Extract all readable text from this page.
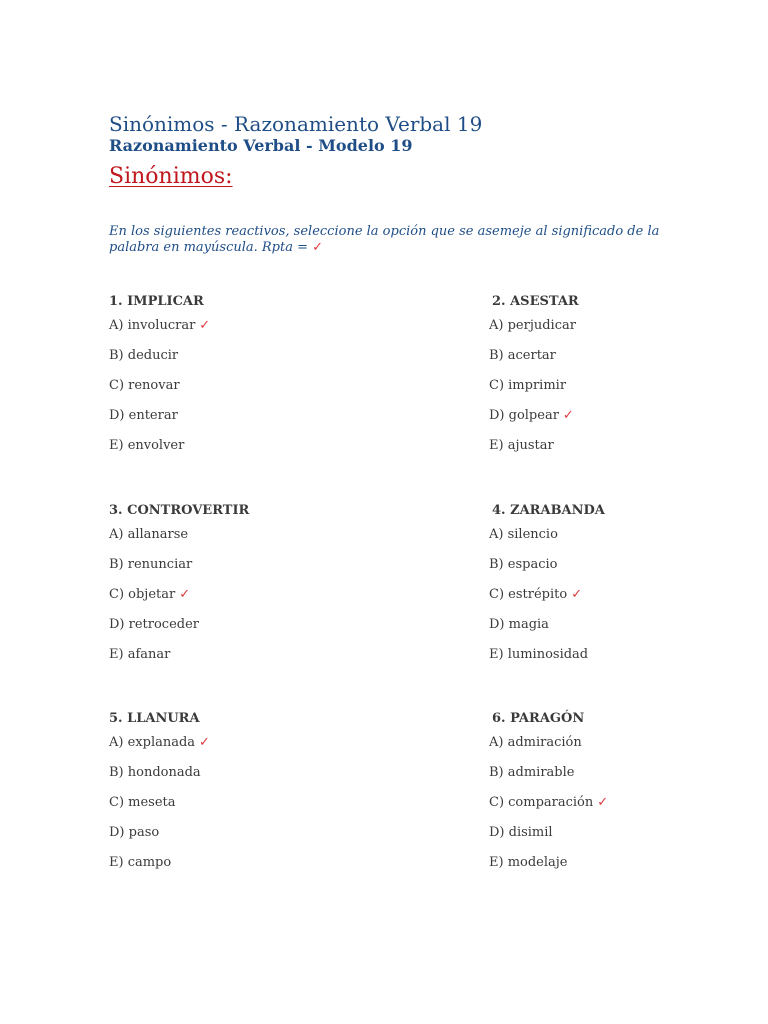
Sinónimos - Razonamiento Verbal 19
Razonamiento Verbal - Modelo 19
Sinónimos:
En los siguientes reactivos, seleccione la opción que se asemeje al significado de la palabra en mayúscula. Rpta = ✓
1. IMPLICAR
A) involucrar ✓
B) deducir
C) renovar
D) enterar
E) envolver
2. ASESTAR
A) perjudicar
B) acertar
C) imprimir
D) golpear ✓
E) ajustar
3. CONTROVERTIR
A) allanarse
B) renunciar
C) objetar ✓
D) retroceder
E) afanar
4. ZARABANDA
A) silencio
B) espacio
C) estrépito ✓
D) magia
E) luminosidad
5. LLANURA
A) explanada ✓
B) hondonada
C) meseta
D) paso
E) campo
6. PARAGÓN
A) admiración
B) admirable
C) comparación ✓
D) disimil
E) modelaje
